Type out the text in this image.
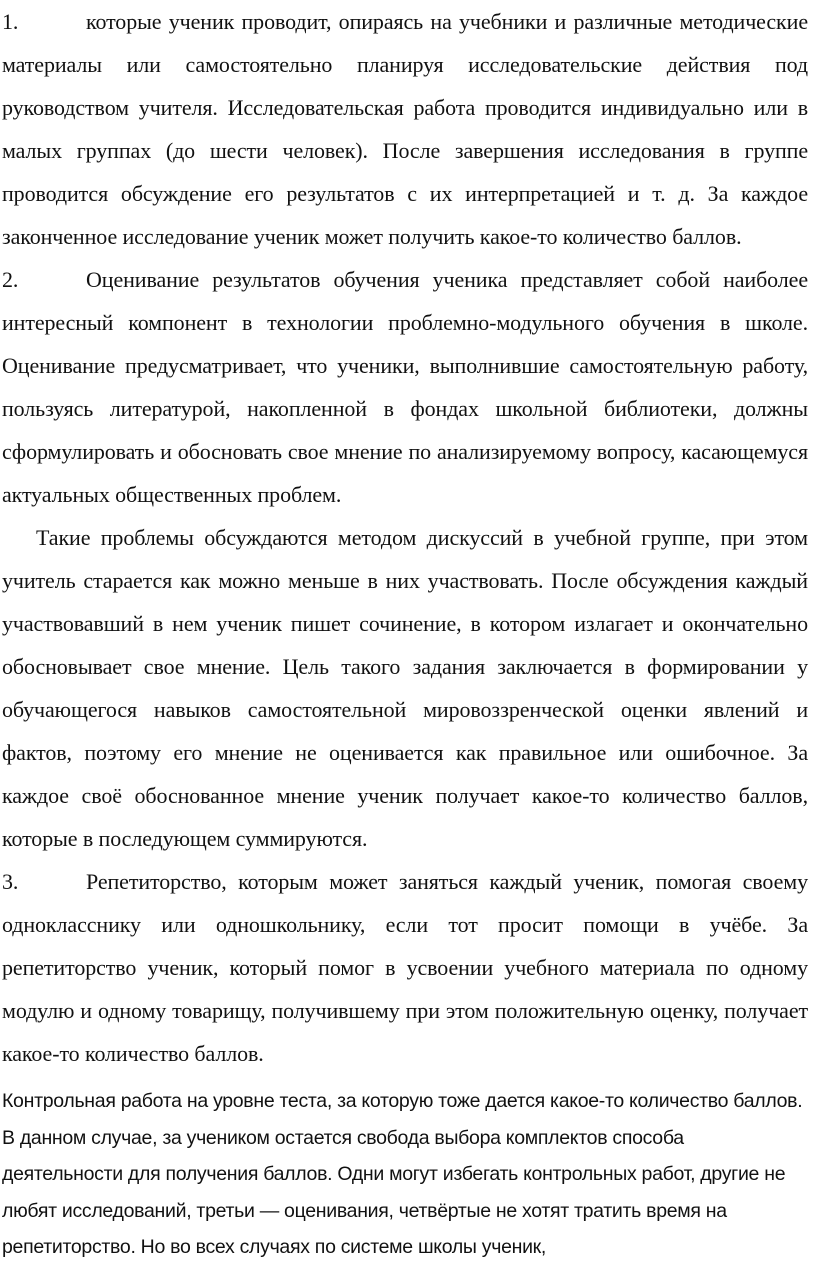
1.	которые ученик проводит, опираясь на учебники и различные методические материалы или самостоятельно планируя исследовательские действия под руководством учителя. Исследовательская работа проводится индивидуально или в малых группах (до шести человек). После завершения исследования в группе проводится обсуждение его результатов с их интерпретацией и т. д. За каждое законченное исследование ученик может получить какое-то количество баллов.

2.	Оценивание результатов обучения ученика представляет собой наиболее интересный компонент в технологии проблемно-модульного обучения в школе. Оценивание предусматривает, что ученики, выполнившие самостоятельную работу, пользуясь литературой, накопленной в фондах школьной библиотеки, должны сформулировать и обосновать свое мнение по анализируемому вопросу, касающемуся актуальных общественных проблем.

Такие проблемы обсуждаются методом дискуссий в учебной группе, при этом учитель старается как можно меньше в них участвовать. После обсуждения каждый участвовавший в нем ученик пишет сочинение, в котором излагает и окончательно обосновывает свое мнение. Цель такого задания заключается в формировании у обучающегося навыков самостоятельной мировоззренческой оценки явлений и фактов, поэтому его мнение не оценивается как правильное или ошибочное. За каждое своё обоснованное мнение ученик получает какое-то количество баллов, которые в последующем суммируются.

3.	Репетиторство, которым может заняться каждый ученик, помогая своему однокласснику или одношкольнику, если тот просит помощи в учёбе. За репетиторство ученик, который помог в усвоении учебного материала по одному модулю и одному товарищу, получившему при этом положительную оценку, получает какое-то количество баллов.

Контрольная работа на уровне теста, за которую тоже дается какое-то количество баллов. В данном случае, за учеником остается свобода выбора комплектов способа деятельности для получения баллов. Одни могут избегать контрольных работ, другие не любят исследований, третьи — оценивания, четвёртые не хотят тратить время на репетиторство. Но во всех случаях по системе школы ученик,
